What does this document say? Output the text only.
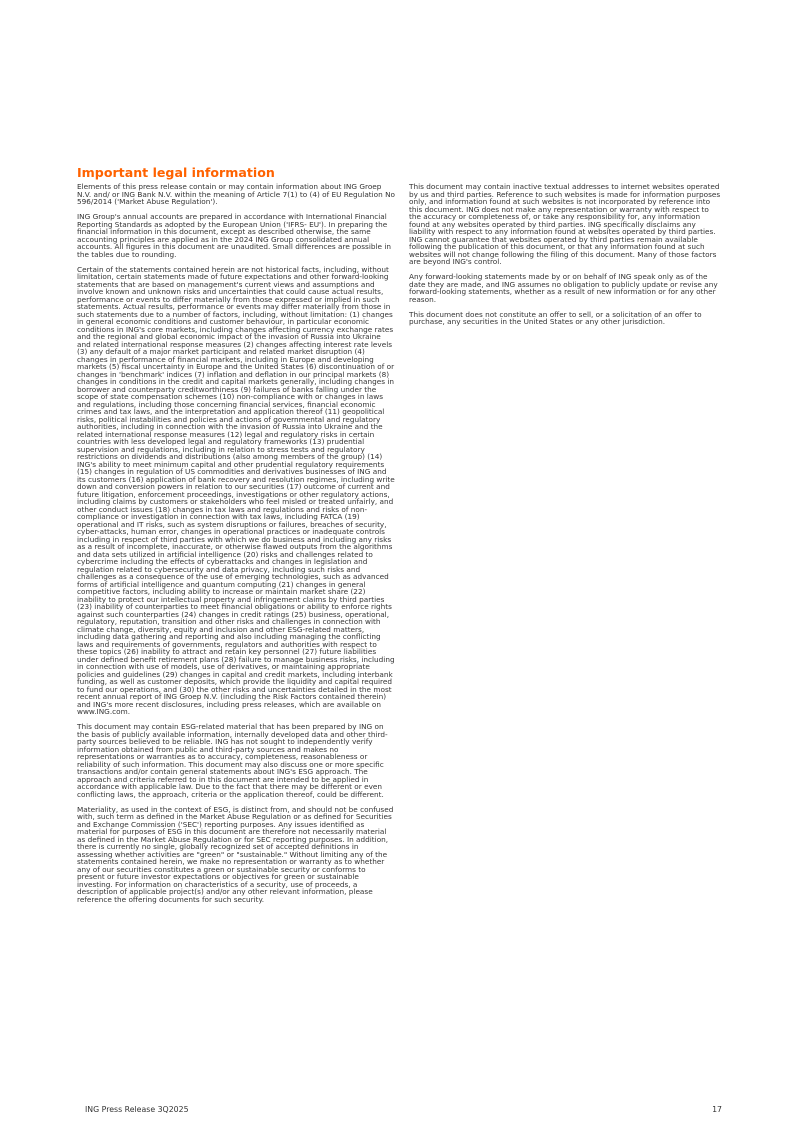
Important legal information

Elements of this press release contain or may contain information about ING Groep N.V. and/ or ING Bank N.V. within the meaning of Article 7(1) to (4) of EU Regulation No 596/2014 ('Market Abuse Regulation').

ING Group's annual accounts are prepared in accordance with International Financial Reporting Standards as adopted by the European Union ('IFRS- EU'). In preparing the financial information in this document, except as described otherwise, the same accounting principles are applied as in the 2024 ING Group consolidated annual accounts. All figures in this document are unaudited. Small differences are possible in the tables due to rounding.

Certain of the statements contained herein are not historical facts, including, without limitation, certain statements made of future expectations and other forward-looking statements that are based on management's current views and assumptions and involve known and unknown risks and uncertainties that could cause actual results, performance or events to differ materially from those expressed or implied in such statements. Actual results, performance or events may differ materially from those in such statements due to a number of factors, including, without limitation: (1) changes in general economic conditions and customer behaviour, in particular economic conditions in ING's core markets, including changes affecting currency exchange rates and the regional and global economic impact of the invasion of Russia into Ukraine and related international response measures (2) changes affecting interest rate levels (3) any default of a major market participant and related market disruption (4) changes in performance of financial markets, including in Europe and developing markets (5) fiscal uncertainty in Europe and the United States (6) discontinuation of or changes in 'benchmark' indices (7) inflation and deflation in our principal markets (8) changes in conditions in the credit and capital markets generally, including changes in borrower and counterparty creditworthiness (9) failures of banks falling under the scope of state compensation schemes (10) non-compliance with or changes in laws and regulations, including those concerning financial services, financial economic crimes and tax laws, and the interpretation and application thereof (11) geopolitical risks, political instabilities and policies and actions of governmental and regulatory authorities, including in connection with the invasion of Russia into Ukraine and the related international response measures (12) legal and regulatory risks in certain countries with less developed legal and regulatory frameworks (13) prudential supervision and regulations, including in relation to stress tests and regulatory restrictions on dividends and distributions (also among members of the group) (14) ING's ability to meet minimum capital and other prudential regulatory requirements (15) changes in regulation of US commodities and derivatives businesses of ING and its customers (16) application of bank recovery and resolution regimes, including write down and conversion powers in relation to our securities (17) outcome of current and future litigation, enforcement proceedings, investigations or other regulatory actions, including claims by customers or stakeholders who feel misled or treated unfairly, and other conduct issues (18) changes in tax laws and regulations and risks of non-compliance or investigation in connection with tax laws, including FATCA (19) operational and IT risks, such as system disruptions or failures, breaches of security, cyber-attacks, human error, changes in operational practices or inadequate controls including in respect of third parties with which we do business and including any risks as a result of incomplete, inaccurate, or otherwise flawed outputs from the algorithms and data sets utilized in artificial intelligence (20) risks and challenges related to cybercrime including the effects of cyberattacks and changes in legislation and regulation related to cybersecurity and data privacy, including such risks and challenges as a consequence of the use of emerging technologies, such as advanced forms of artificial intelligence and quantum computing (21) changes in general competitive factors, including ability to increase or maintain market share (22) inability to protect our intellectual property and infringement claims by third parties (23) inability of counterparties to meet financial obligations or ability to enforce rights against such counterparties (24) changes in credit ratings (25) business, operational, regulatory, reputation, transition and other risks and challenges in connection with climate change, diversity, equity and inclusion and other ESG-related matters, including data gathering and reporting and also including managing the conflicting laws and requirements of governments, regulators and authorities with respect to these topics (26) inability to attract and retain key personnel (27) future liabilities under defined benefit retirement plans (28) failure to manage business risks, including in connection with use of models, use of derivatives, or maintaining appropriate policies and guidelines (29) changes in capital and credit markets, including interbank funding, as well as customer deposits, which provide the liquidity and capital required to fund our operations, and (30) the other risks and uncertainties detailed in the most recent annual report of ING Groep N.V. (including the Risk Factors contained therein) and ING's more recent disclosures, including press releases, which are available on www.ING.com.

This document may contain ESG-related material that has been prepared by ING on the basis of publicly available information, internally developed data and other third-party sources believed to be reliable. ING has not sought to independently verify information obtained from public and third-party sources and makes no representations or warranties as to accuracy, completeness, reasonableness or reliability of such information. This document may also discuss one or more specific transactions and/or contain general statements about ING's ESG approach. The approach and criteria referred to in this document are intended to be applied in accordance with applicable law. Due to the fact that there may be different or even conflicting laws, the approach, criteria or the application thereof, could be different.

Materiality, as used in the context of ESG, is distinct from, and should not be confused with, such term as defined in the Market Abuse Regulation or as defined for Securities and Exchange Commission ('SEC') reporting purposes. Any issues identified as material for purposes of ESG in this document are therefore not necessarily material as defined in the Market Abuse Regulation or for SEC reporting purposes. In addition, there is currently no single, globally recognized set of accepted definitions in assessing whether activities are "green" or "sustainable." Without limiting any of the statements contained herein, we make no representation or warranty as to whether any of our securities constitutes a green or sustainable security or conforms to present or future investor expectations or objectives for green or sustainable investing. For information on characteristics of a security, use of proceeds, a description of applicable project(s) and/or any other relevant information, please reference the offering documents for such security.

This document may contain inactive textual addresses to internet websites operated by us and third parties. Reference to such websites is made for information purposes only, and information found at such websites is not incorporated by reference into this document. ING does not make any representation or warranty with respect to the accuracy or completeness of, or take any responsibility for, any information found at any websites operated by third parties. ING specifically disclaims any liability with respect to any information found at websites operated by third parties. ING cannot guarantee that websites operated by third parties remain available following the publication of this document, or that any information found at such websites will not change following the filing of this document. Many of those factors are beyond ING's control.

Any forward-looking statements made by or on behalf of ING speak only as of the date they are made, and ING assumes no obligation to publicly update or revise any forward-looking statements, whether as a result of new information or for any other reason.

This document does not constitute an offer to sell, or a solicitation of an offer to purchase, any securities in the United States or any other jurisdiction.

ING Press Release 3Q2025	17
